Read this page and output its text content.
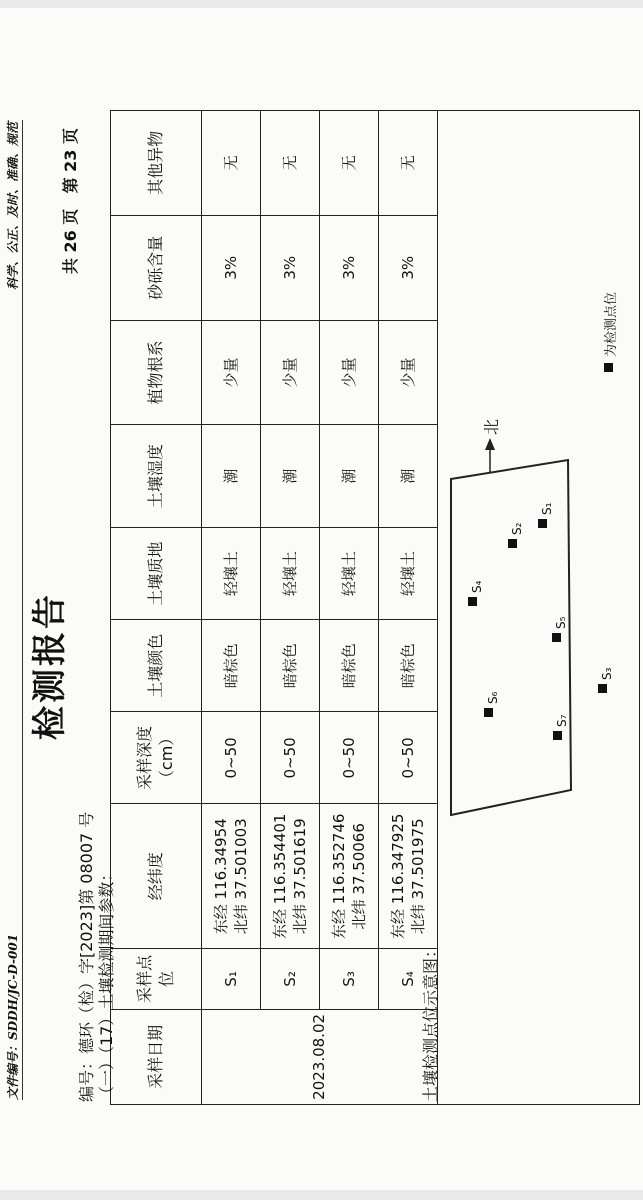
文件编号：SDDH/JC-D-001
科学、公正、及时、准确、规范
检测报告
共 26 页   第 23 页
编号：德环（检）字[2023]第 08007 号 （一）（17）土壤检测期间参数： 采样日期	采样点位	经纬度	采样深度（cm）	土壤颜色	土壤质地	土壤湿度	植物根系	砂砾含量	其他异物
2023.08.02	S₁	东经 116.34954 北纬 37.501003	0~50	暗棕色	轻壤土	潮	少量	3%	无
	S₂	东经 116.354401 北纬 37.501619	0~50	暗棕色	轻壤土	潮	少量	3%	无
	S₃	东经 116.352746 北纬 37.50066	0~50	暗棕色	轻壤土	潮	少量	3%	无
	S₄	东经 116.347925 北纬 37.501975	0~50	暗棕色	轻壤土	潮	少量	3%	无
土壤检测点位示意图：
北
S₁
S₂
S₃
S₄
S₅
S₆
S₇
为检测点位
